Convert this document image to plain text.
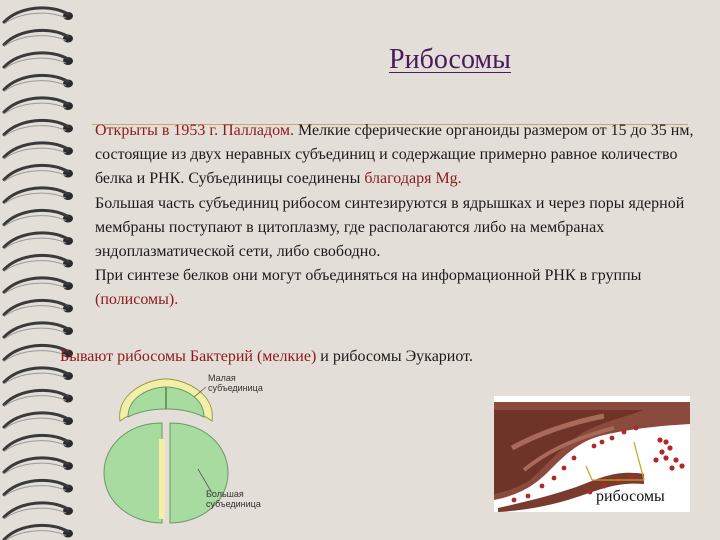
Рибосомы

Открыты в 1953 г. Палладом. Мелкие сферические органоиды размером от 15 до 35 нм, состоящие из двух неравных субъединиц и содержащие примерно равное количество белка и РНК. Субъединицы соединены благодаря Mg.

Большая часть субъединиц рибосом синтезируются в ядрышках и через поры ядерной мембраны поступают в цитоплазму, где располагаются либо на мембранах эндоплазматической сети, либо свободно.

При синтезе белков они могут объединяться на информационной РНК в группы (полисомы).

Бывают рибосомы Бактерий (мелкие) и рибосомы Эукариот.
Малая
субъединица
Большая
субъединица	рибосомы
